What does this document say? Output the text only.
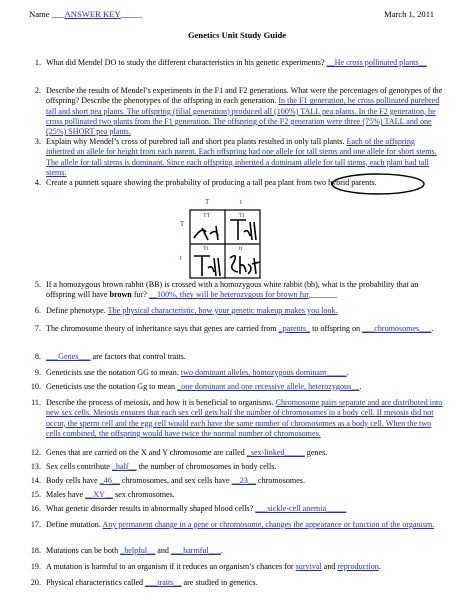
Name ___ANSWER KEY_____	March 1, 2011
Genetics Unit Study Guide
1. What did Mendel DO to study the different characteristics in his genetic experiments? __He cross pollinated plants__
2. Describe the results of Mendel’s experiments in the F1 and F2 generations. What were the percentages of genotypes of the offspring? Describe the phenotypes of the offspring in each generation. In the F1 generation, he cross pollinated purebred tall and short pea plants. The offspring (filial generation) produced all (100%) TALL pea plants. In the F2 generation, he cross pollinated two plants from the F1 generation. The offspring of the F2 generation were three (75%) TALL and one (25%) SHORT pea plants.
3. Explain why Mendel’s cross of purebred tall and short pea plants resulted in only tall plants. Each of the offspring inherited an allele for height from each parent. Each offspring had one allele for tall stems and one allele for short stems. The allele for tall stems is dominant. Since each offspring inherited a dominant allele for tall stems, each plant had tall stems.
4. Create a punnett square showing the probability of producing a tall pea plant from two hybrid parents.
T	t
T
t
TT	Tt
Tt	tt
5. If a homozygous brown rabbit (BB) is crossed with a homozygous white rabbit (bb), what is the probability that an offspring will have brown fur? __100%, they will be heterozygous for brown fur_______
6. Define phenotype. The physical characteristic, how your genetic makeup makes you look.
7. The chromosome theory of inheritance says that genes are carried from _parents_ to offspring on ___chromosomes___.
8. ___Genes___ are factors that control traits.
9. Geneticists use the notation GG to mean. two dominant alleles, homozygous dominant_____.
10. Geneticists use the notation Gg to mean _one dominant and one recessive allele, heterozygous__.
11. Describe the process of meiosis, and how it is beneficial to organisms. Chromosome pairs separate and are distributed into new sex cells. Meiosis ensures that each sex cell gets half the number of chromosomes in a body cell. If meiosis did not occur, the sperm cell and the egg cell would each have the same number of chromosomes as a body cell. When the two cells combined, the offspring would have twice the normal number of chromosomes.
12. Genes that are carried on the X and Y chromosome are called _sex-linked_____ genes.
13. Sex cells contribute _half__ the number of chromosomes in body cells.
14. Body cells have _46__ chromosomes, and sex cells have __23__ chromosomes.
15. Males have __XY__ sex chromosomes.
16. What genetic disorder results in abnormally shaped blood cells? ___sickle-cell anemia_____
17. Define mutation. Any permanent change in a gene or chromosome, changes the appearance or function of the organism.
18. Mutations can be both _helpful__ and ___harmful___.
19. A mutation is harmful to an organism if it reduces an organism’s chances for survival and reproduction.
20. Physical characteristics called ___traits__ are studied in genetics.
